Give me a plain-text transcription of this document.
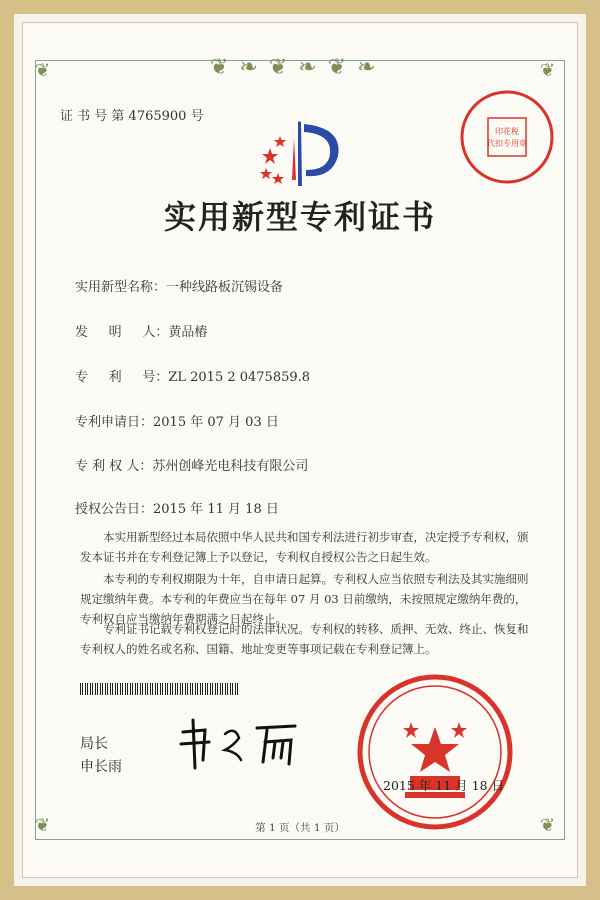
❦ ❧ ❦ ❧ ❦ ❧
❦	❦
❦	❦
证 书 号 第 4765900 号
印花税
代扣专用章
实用新型专利证书
实用新型名称：一种线路板沉锡设备
发     明     人：黄品樁
专     利     号：ZL 2015 2 0475859.8
专利申请日：2015 年 07 月 03 日
专 利 权 人：苏州创峰光电科技有限公司
授权公告日：2015 年 11 月 18 日
本实用新型经过本局依照中华人民共和国专利法进行初步审查，决定授予专利权，颁发本证书并在专利登记簿上予以登记，专利权自授权公告之日起生效。
本专利的专利权期限为十年，自申请日起算。专利权人应当依照专利法及其实施细则规定缴纳年费。本专利的年费应当在每年 07 月 03 日前缴纳，未按照规定缴纳年费的，专利权自应当缴纳年费期满之日起终止。
专利证书记载专利权登记时的法律状况。专利权的转移、质押、无效、终止、恢复和专利权人的姓名或名称、国籍、地址变更等事项记载在专利登记簿上。
局长
申长雨
2015 年 11 月 18 日
第 1 页（共 1 页）
